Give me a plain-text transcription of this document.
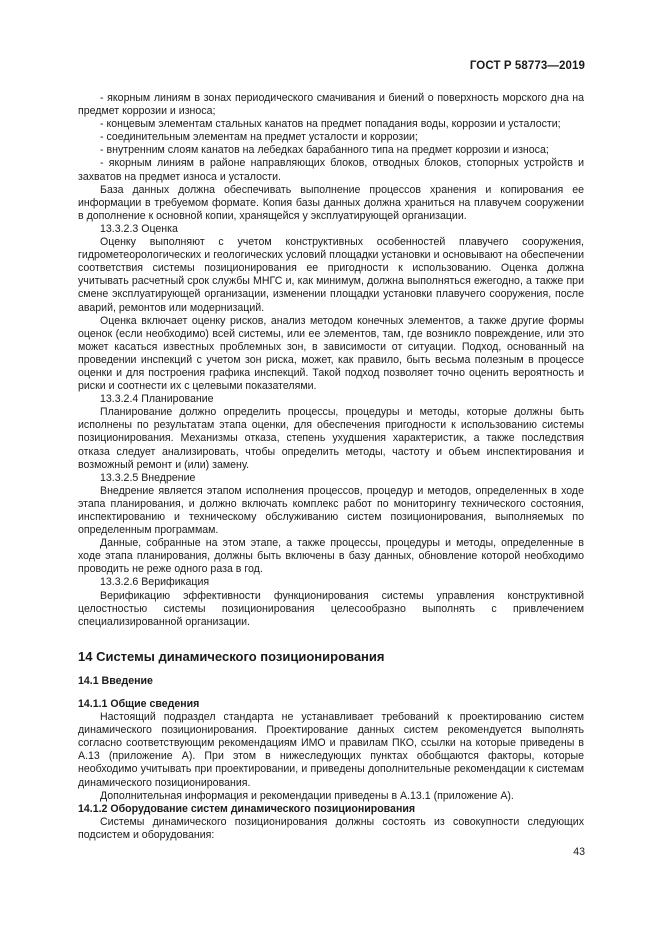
ГОСТ Р 58773—2019

- якорным линиям в зонах периодического смачивания и биений о поверхность морского дна на предмет коррозии и износа;

- концевым элементам стальных канатов на предмет попадания воды, коррозии и усталости;

- соединительным элементам на предмет усталости и коррозии;

- внутренним слоям канатов на лебедках барабанного типа на предмет коррозии и износа;

- якорным линиям в районе направляющих блоков, отводных блоков, стопорных устройств и захватов на предмет износа и усталости.

База данных должна обеспечивать выполнение процессов хранения и копирования ее информации в требуемом формате. Копия базы данных должна храниться на плавучем сооружении в дополнение к основной копии, хранящейся у эксплуатирующей организации.

13.3.2.3 Оценка

Оценку выполняют с учетом конструктивных особенностей плавучего сооружения, гидрометеорологических и геологических условий площадки установки и основывают на обеспечении соответствия системы позиционирования ее пригодности к использованию. Оценка должна учитывать расчетный срок службы МНГС и, как минимум, должна выполняться ежегодно, а также при смене эксплуатирующей организации, изменении площадки установки плавучего сооружения, после аварий, ремонтов или модернизаций.

Оценка включает оценку рисков, анализ методом конечных элементов, а также другие формы оценок (если необходимо) всей системы, или ее элементов, там, где возникло повреждение, или это может касаться известных проблемных зон, в зависимости от ситуации. Подход, основанный на проведении инспекций с учетом зон риска, может, как правило, быть весьма полезным в процессе оценки и для построения графика инспекций. Такой подход позволяет точно оценить вероятность и риски и соотнести их с целевыми показателями.

13.3.2.4 Планирование

Планирование должно определить процессы, процедуры и методы, которые должны быть исполнены по результатам этапа оценки, для обеспечения пригодности к использованию системы позиционирования. Механизмы отказа, степень ухудшения характеристик, а также последствия отказа следует анализировать, чтобы определить методы, частоту и объем инспектирования и возможный ремонт и (или) замену.

13.3.2.5 Внедрение

Внедрение является этапом исполнения процессов, процедур и методов, определенных в ходе этапа планирования, и должно включать комплекс работ по мониторингу технического состояния, инспектированию и техническому обслуживанию систем позиционирования, выполняемых по определенным программам.

Данные, собранные на этом этапе, а также процессы, процедуры и методы, определенные в ходе этапа планирования, должны быть включены в базу данных, обновление которой необходимо проводить не реже одного раза в год.

13.3.2.6 Верификация

Верификацию эффективности функционирования системы управления конструктивной целостностью системы позиционирования целесообразно выполнять с привлечением специализированной организации.

14 Системы динамического позиционирования
14.1 Введение
14.1.1 Общие сведения

Настоящий подраздел стандарта не устанавливает требований к проектированию систем динамического позиционирования. Проектирование данных систем рекомендуется выполнять согласно соответствующим рекомендациям ИМО и правилам ПКО, ссылки на которые приведены в А.13 (приложение А). При этом в нижеследующих пунктах обобщаются факторы, которые необходимо учитывать при проектировании, и приведены дополнительные рекомендации к системам динамического позиционирования.

Дополнительная информация и рекомендации приведены в А.13.1 (приложение А).

14.1.2 Оборудование систем динамического позиционирования

Системы динамического позиционирования должны состоять из совокупности следующих подсистем и оборудования:

43
